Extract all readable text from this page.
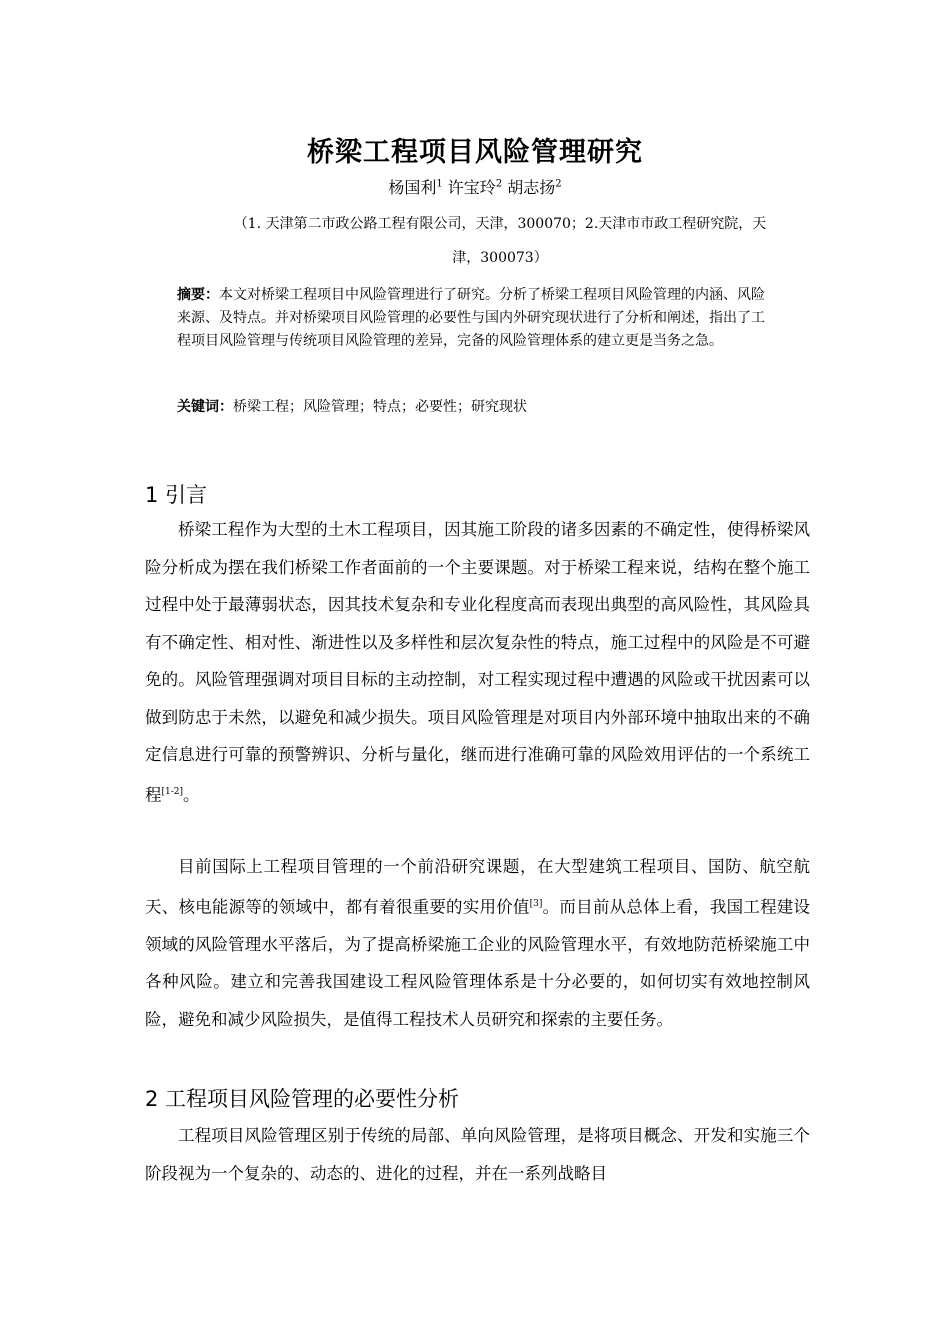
桥梁工程项目风险管理研究
杨国利$^1$ 许宝玲$^2$ 胡志扬$^2$
（1. 天津第二市政公路工程有限公司，天津，300070；2.天津市市政工程研究院，天
津，300073）
摘要：本文对桥梁工程项目中风险管理进行了研究。分析了桥梁工程项目风险管理的内涵、风险来源、及特点。并对桥梁项目风险管理的必要性与国内外研究现状进行了分析和阐述，指出了工程项目风险管理与传统项目风险管理的差异，完备的风险管理体系的建立更是当务之急。
关键词：桥梁工程；风险管理；特点；必要性；研究现状
1 引言

桥梁工程作为大型的土木工程项目，因其施工阶段的诸多因素的不确定性，使得桥梁风险分析成为摆在我们桥梁工作者面前的一个主要课题。对于桥梁工程来说，结构在整个施工过程中处于最薄弱状态，因其技术复杂和专业化程度高而表现出典型的高风险性，其风险具有不确定性、相对性、渐进性以及多样性和层次复杂性的特点，施工过程中的风险是不可避免的。风险管理强调对项目目标的主动控制，对工程实现过程中遭遇的风险或干扰因素可以做到防忠于未然，以避免和减少损失。项目风险管理是对项目内外部环境中抽取出来的不确定信息进行可靠的预警辨识、分析与量化，继而进行准确可靠的风险效用评估的一个系统工程[1-2]。

目前国际上工程项目管理的一个前沿研究课题，在大型建筑工程项目、国防、航空航天、核电能源等的领域中，都有着很重要的实用价值[3]。而目前从总体上看，我国工程建设领域的风险管理水平落后，为了提高桥梁施工企业的风险管理水平，有效地防范桥梁施工中各种风险。建立和完善我国建设工程风险管理体系是十分必要的，如何切实有效地控制风险，避免和减少风险损失，是值得工程技术人员研究和探索的主要任务。

2 工程项目风险管理的必要性分析

工程项目风险管理区别于传统的局部、单向风险管理，是将项目概念、开发和实施三个阶段视为一个复杂的、动态的、进化的过程，并在一系列战略目
